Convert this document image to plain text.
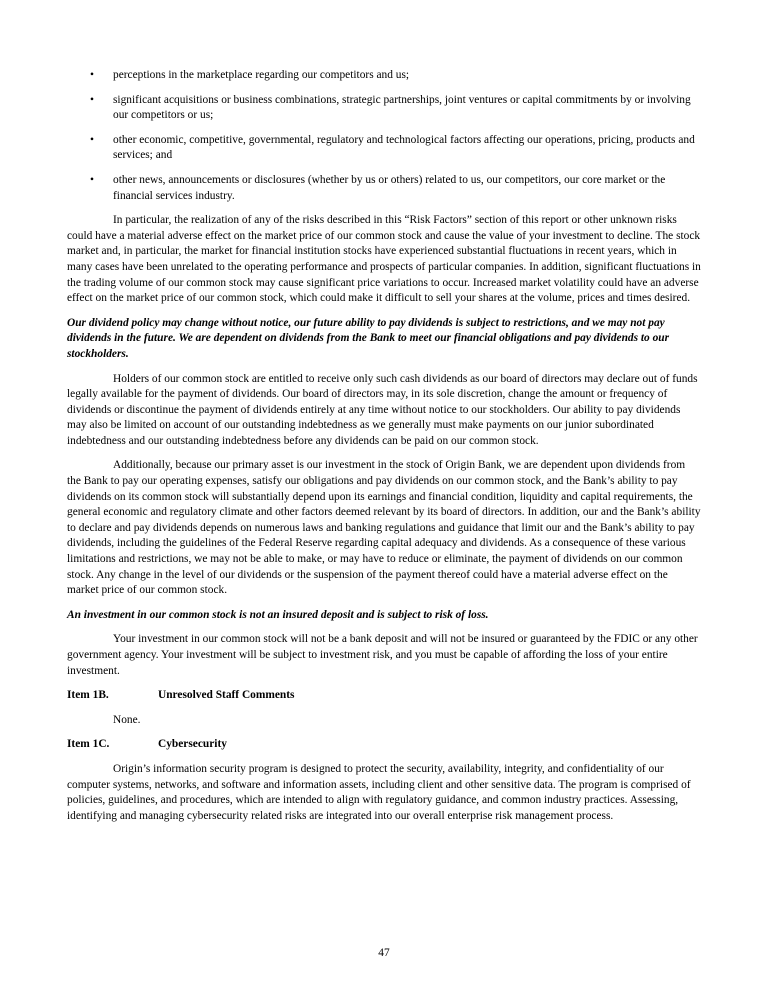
• perceptions in the marketplace regarding our competitors and us;
• significant acquisitions or business combinations, strategic partnerships, joint ventures or capital commitments by or involving our competitors or us;
• other economic, competitive, governmental, regulatory and technological factors affecting our operations, pricing, products and services; and
• other news, announcements or disclosures (whether by us or others) related to us, our competitors, our core market or the financial services industry.

In particular, the realization of any of the risks described in this “Risk Factors” section of this report or other unknown risks could have a material adverse effect on the market price of our common stock and cause the value of your investment to decline. The stock market and, in particular, the market for financial institution stocks have experienced substantial fluctuations in recent years, which in many cases have been unrelated to the operating performance and prospects of particular companies. In addition, significant fluctuations in the trading volume of our common stock may cause significant price variations to occur. Increased market volatility could have an adverse effect on the market price of our common stock, which could make it difficult to sell your shares at the volume, prices and times desired.

Our dividend policy may change without notice, our future ability to pay dividends is subject to restrictions, and we may not pay dividends in the future. We are dependent on dividends from the Bank to meet our financial obligations and pay dividends to our stockholders.

Holders of our common stock are entitled to receive only such cash dividends as our board of directors may declare out of funds legally available for the payment of dividends. Our board of directors may, in its sole discretion, change the amount or frequency of dividends or discontinue the payment of dividends entirely at any time without notice to our stockholders. Our ability to pay dividends may also be limited on account of our outstanding indebtedness as we generally must make payments on our junior subordinated indebtedness and our outstanding indebtedness before any dividends can be paid on our common stock.

Additionally, because our primary asset is our investment in the stock of Origin Bank, we are dependent upon dividends from the Bank to pay our operating expenses, satisfy our obligations and pay dividends on our common stock, and the Bank’s ability to pay dividends on its common stock will substantially depend upon its earnings and financial condition, liquidity and capital requirements, the general economic and regulatory climate and other factors deemed relevant by its board of directors. In addition, our and the Bank’s ability to declare and pay dividends depends on numerous laws and banking regulations and guidance that limit our and the Bank’s ability to pay dividends, including the guidelines of the Federal Reserve regarding capital adequacy and dividends. As a consequence of these various limitations and restrictions, we may not be able to make, or may have to reduce or eliminate, the payment of dividends on our common stock. Any change in the level of our dividends or the suspension of the payment thereof could have a material adverse effect on the market price of our common stock.

An investment in our common stock is not an insured deposit and is subject to risk of loss.

Your investment in our common stock will not be a bank deposit and will not be insured or guaranteed by the FDIC or any other government agency. Your investment will be subject to investment risk, and you must be capable of affording the loss of your entire investment.

Item 1B.	Unresolved Staff Comments
None.
Item 1C.	Cybersecurity

Origin’s information security program is designed to protect the security, availability, integrity, and confidentiality of our computer systems, networks, and software and information assets, including client and other sensitive data. The program is comprised of policies, guidelines, and procedures, which are intended to align with regulatory guidance, and common industry practices. Assessing, identifying and managing cybersecurity related risks are integrated into our overall enterprise risk management process.

47
